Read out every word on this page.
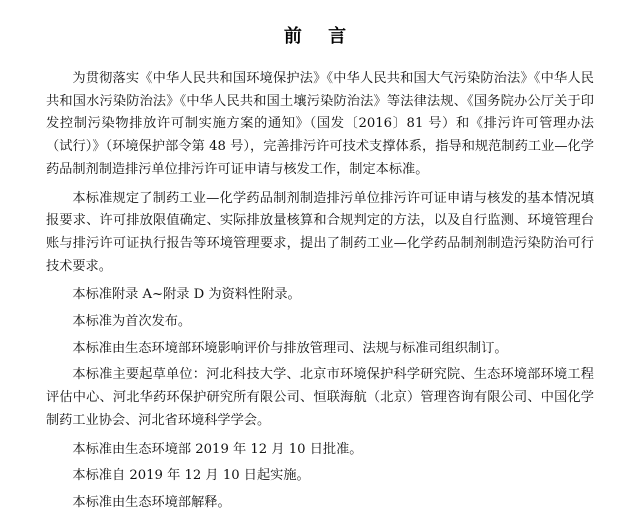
前 言

为贯彻落实《中华人民共和国环境保护法》《中华人民共和国大气污染防治法》《中华人民共和国水污染防治法》《中华人民共和国土壤污染防治法》等法律法规、《国务院办公厅关于印发控制污染物排放许可制实施方案的通知》（国发〔2016〕81 号）和《排污许可管理办法（试行）》（环境保护部令第 48 号），完善排污许可技术支撑体系，指导和规范制药工业—化学药品制剂制造排污单位排污许可证申请与核发工作，制定本标准。

本标准规定了制药工业—化学药品制剂制造排污单位排污许可证申请与核发的基本情况填报要求、许可排放限值确定、实际排放量核算和合规判定的方法，以及自行监测、环境管理台账与排污许可证执行报告等环境管理要求，提出了制药工业—化学药品制剂制造污染防治可行技术要求。

本标准附录 A~附录 D 为资料性附录。

本标准为首次发布。

本标准由生态环境部环境影响评价与排放管理司、法规与标准司组织制订。

本标准主要起草单位：河北科技大学、北京市环境保护科学研究院、生态环境部环境工程评估中心、河北华药环保护研究所有限公司、恒联海航（北京）管理咨询有限公司、中国化学制药工业协会、河北省环境科学学会。

本标准由生态环境部 2019 年 12 月 10 日批准。

本标准自 2019 年 12 月 10 日起实施。

本标准由生态环境部解释。
